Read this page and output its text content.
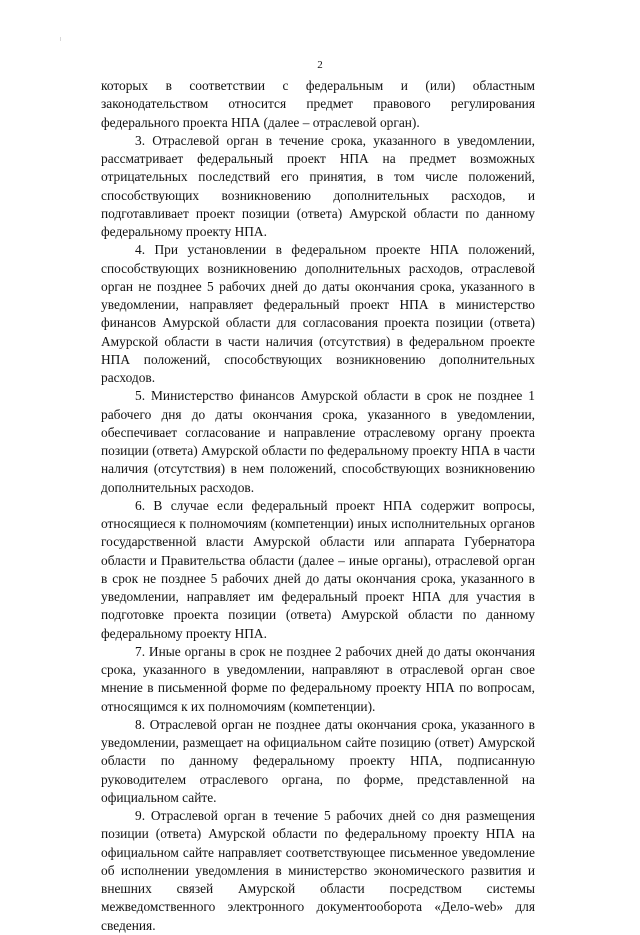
2

которых в соответствии с федеральным и (или) областным законодательством относится предмет правового регулирования федерального проекта НПА (далее – отраслевой орган).

3. Отраслевой орган в течение срока, указанного в уведомлении, рассматривает федеральный проект НПА на предмет возможных отрицательных последствий его принятия, в том числе положений, способствующих возникновению дополнительных расходов, и подготавливает проект позиции (ответа) Амурской области по данному федеральному проекту НПА.

4. При установлении в федеральном проекте НПА положений, способствующих возникновению дополнительных расходов, отраслевой орган не позднее 5 рабочих дней до даты окончания срока, указанного в уведомлении, направляет федеральный проект НПА в министерство финансов Амурской области для согласования проекта позиции (ответа) Амурской области в части наличия (отсутствия) в федеральном проекте НПА положений, способствующих возникновению дополнительных расходов.

5. Министерство финансов Амурской области в срок не позднее 1 рабочего дня до даты окончания срока, указанного в уведомлении, обеспечивает согласование и направление отраслевому органу проекта позиции (ответа) Амурской области по федеральному проекту НПА в части наличия (отсутствия) в нем положений, способствующих возникновению дополнительных расходов.

6. В случае если федеральный проект НПА содержит вопросы, относящиеся к полномочиям (компетенции) иных исполнительных органов государственной власти Амурской области или аппарата Губернатора области и Правительства области (далее – иные органы), отраслевой орган в срок не позднее 5 рабочих дней до даты окончания срока, указанного в уведомлении, направляет им федеральный проект НПА для участия в подготовке проекта позиции (ответа) Амурской области по данному федеральному проекту НПА.

7. Иные органы в срок не позднее 2 рабочих дней до даты окончания срока, указанного в уведомлении, направляют в отраслевой орган свое мнение в письменной форме по федеральному проекту НПА по вопросам, относящимся к их полномочиям (компетенции).

8. Отраслевой орган не позднее даты окончания срока, указанного в уведомлении, размещает на официальном сайте позицию (ответ) Амурской области по данному федеральному проекту НПА, подписанную руководителем отраслевого органа, по форме, представленной на официальном сайте.

9. Отраслевой орган в течение 5 рабочих дней со дня размещения позиции (ответа) Амурской области по федеральному проекту НПА на официальном сайте направляет соответствующее письменное уведомление об исполнении уведомления в министерство экономического развития и внешних связей Амурской области посредством системы межведомственного электронного документооборота «Дело-web» для сведения.
